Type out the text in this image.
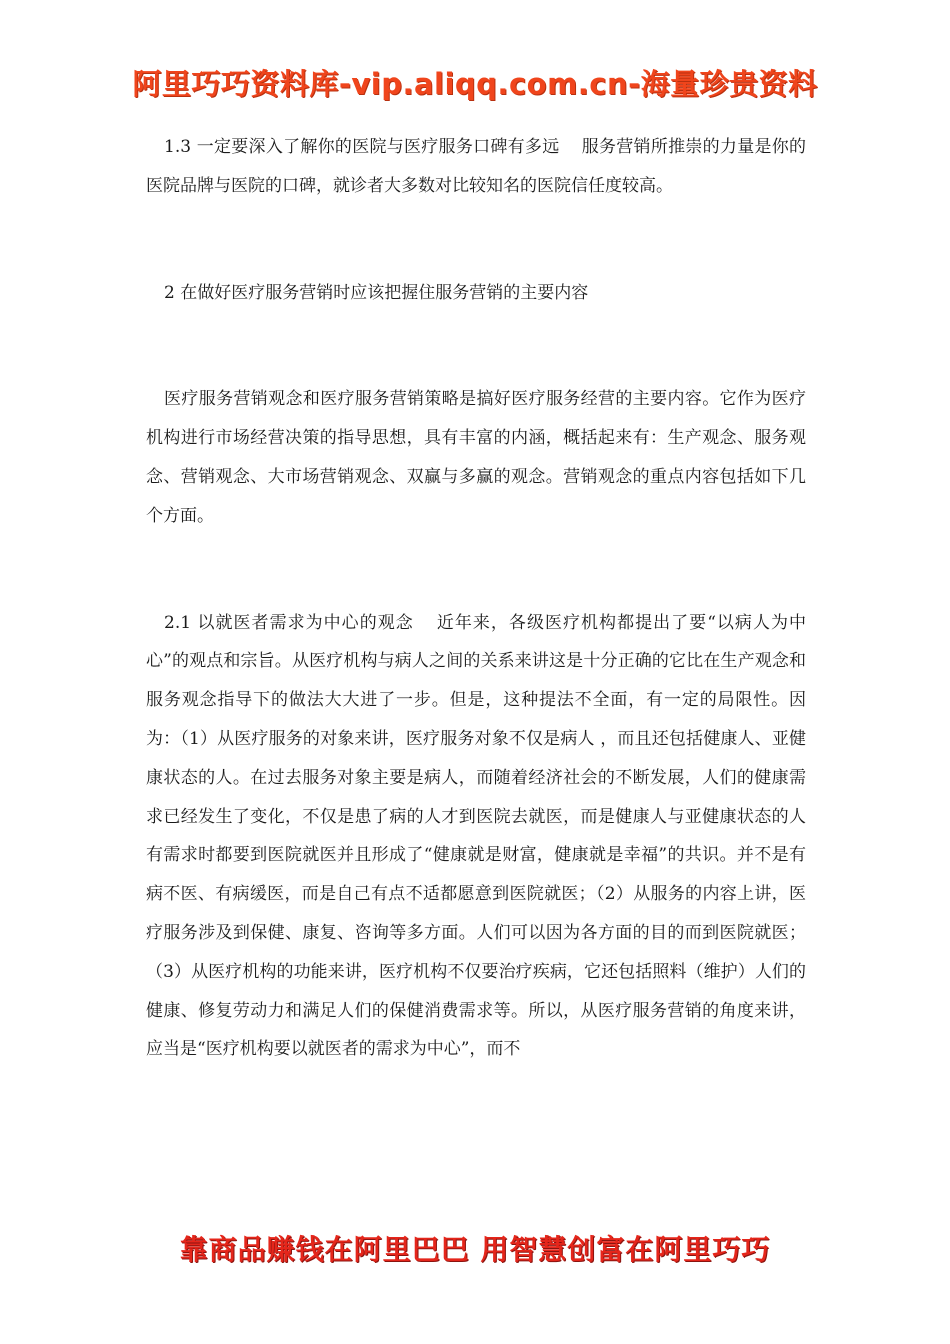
阿里巧巧资料库-vip.aliqq.com.cn-海量珍贵资料

1.3 一定要深入了解你的医院与医疗服务口碑有多远 服务营销所推崇的力量是你的医院品牌与医院的口碑，就诊者大多数对比较知名的医院信任度较高。

2 在做好医疗服务营销时应该把握住服务营销的主要内容

医疗服务营销观念和医疗服务营销策略是搞好医疗服务经营的主要内容。它作为医疗机构进行市场经营决策的指导思想，具有丰富的内涵，概括起来有：生产观念、服务观念、营销观念、大市场营销观念、双赢与多赢的观念。营销观念的重点内容包括如下几个方面。

2.1 以就医者需求为中心的观念 近年来，各级医疗机构都提出了要“以病人为中心”的观点和宗旨。从医疗机构与病人之间的关系来讲这是十分正确的它比在生产观念和服务观念指导下的做法大大进了一步。但是，这种提法不全面，有一定的局限性。因为：（1）从医疗服务的对象来讲，医疗服务对象不仅是病人 ，而且还包括健康人、亚健康状态的人。在过去服务对象主要是病人，而随着经济社会的不断发展，人们的健康需求已经发生了变化，不仅是患了病的人才到医院去就医，而是健康人与亚健康状态的人有需求时都要到医院就医并且形成了“健康就是财富，健康就是幸福”的共识。并不是有病不医、有病缓医，而是自己有点不适都愿意到医院就医；（2）从服务的内容上讲，医疗服务涉及到保健、康复、咨询等多方面。人们可以因为各方面的目的而到医院就医；（3）从医疗机构的功能来讲，医疗机构不仅要治疗疾病，它还包括照料（维护）人们的健康、修复劳动力和满足人们的保健消费需求等。所以，从医疗服务营销的角度来讲，应当是“医疗机构要以就医者的需求为中心”，而不

靠商品赚钱在阿里巴巴 用智慧创富在阿里巧巧
